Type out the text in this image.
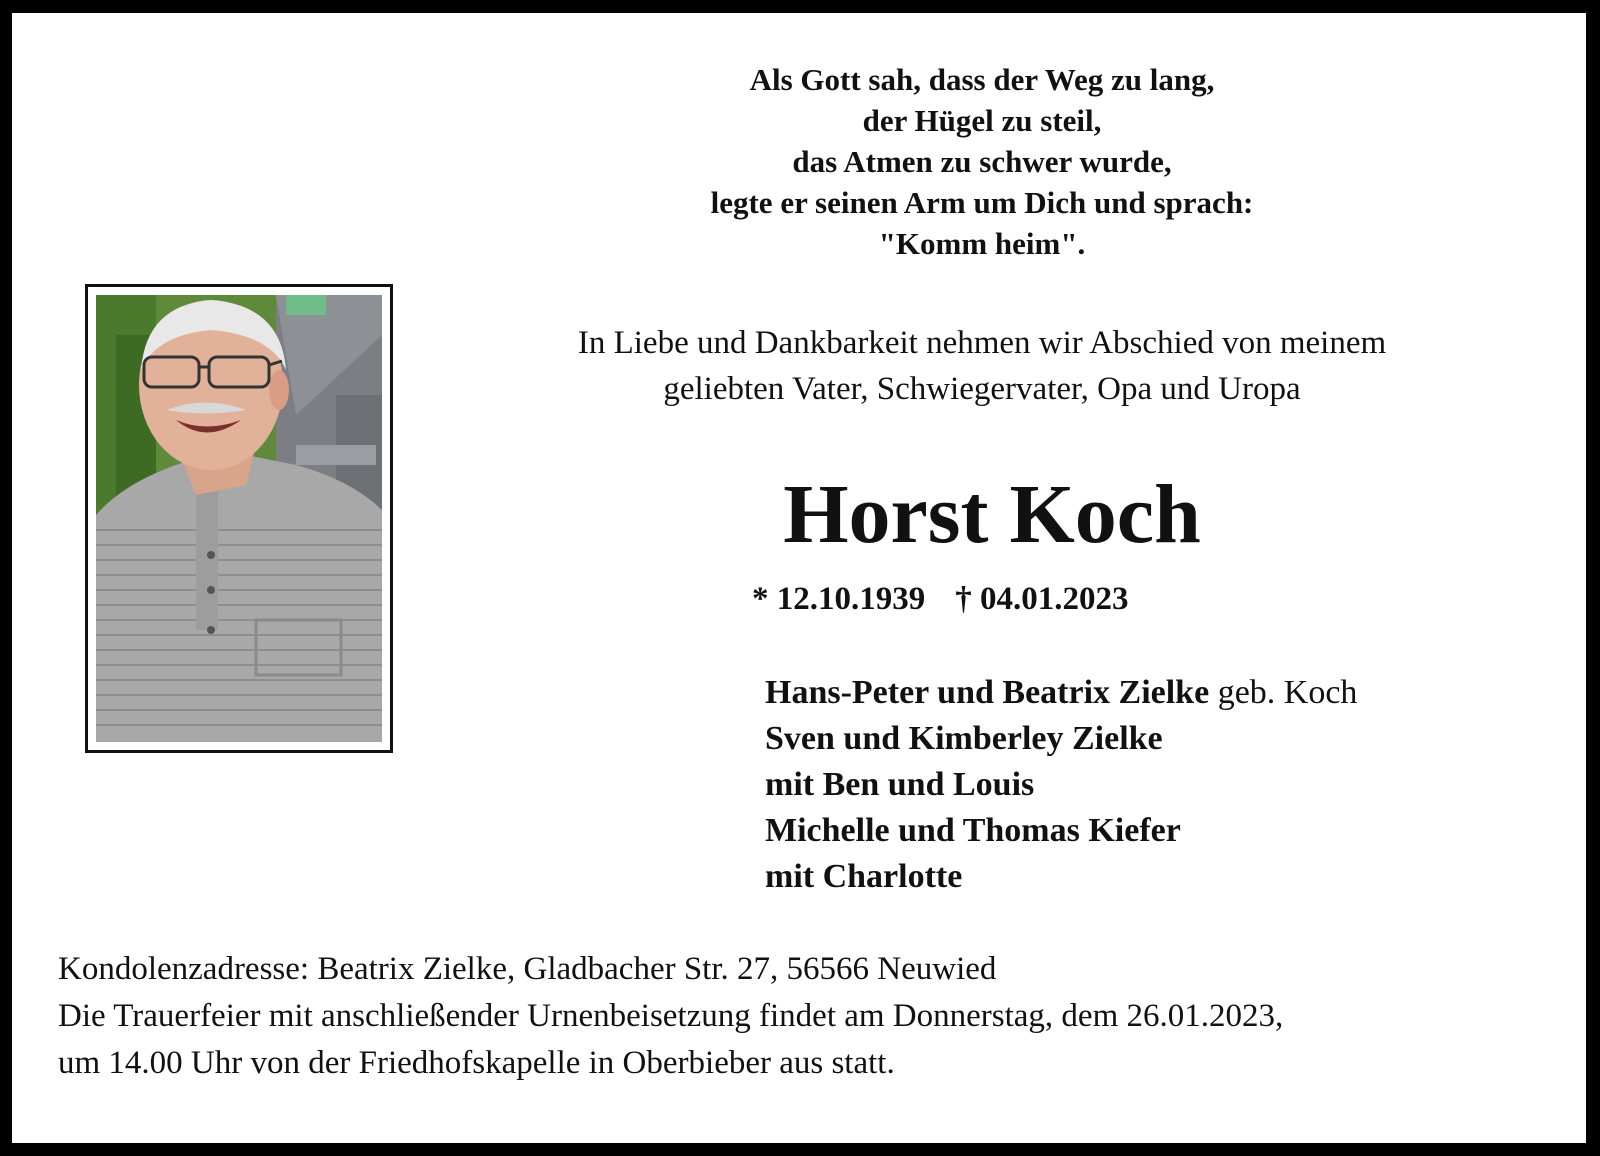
Als Gott sah, dass der Weg zu lang,
der Hügel zu steil,
das Atmen zu schwer wurde,
legte er seinen Arm um Dich und sprach:
"Komm heim".
In Liebe und Dankbarkeit nehmen wir Abschied von meinem
geliebten Vater, Schwiegervater, Opa und Uropa
Horst Koch
* 12.10.1939 † 04.01.2023
Hans-Peter und Beatrix Zielke geb. Koch
Sven und Kimberley Zielke
mit Ben und Louis
Michelle und Thomas Kiefer
mit Charlotte

Kondolenzadresse: Beatrix Zielke, Gladbacher Str. 27, 56566 Neuwied

Die Trauerfeier mit anschließender Urnenbeisetzung findet am Donnerstag, dem 26.01.2023,

um 14.00 Uhr von der Friedhofskapelle in Oberbieber aus statt.
